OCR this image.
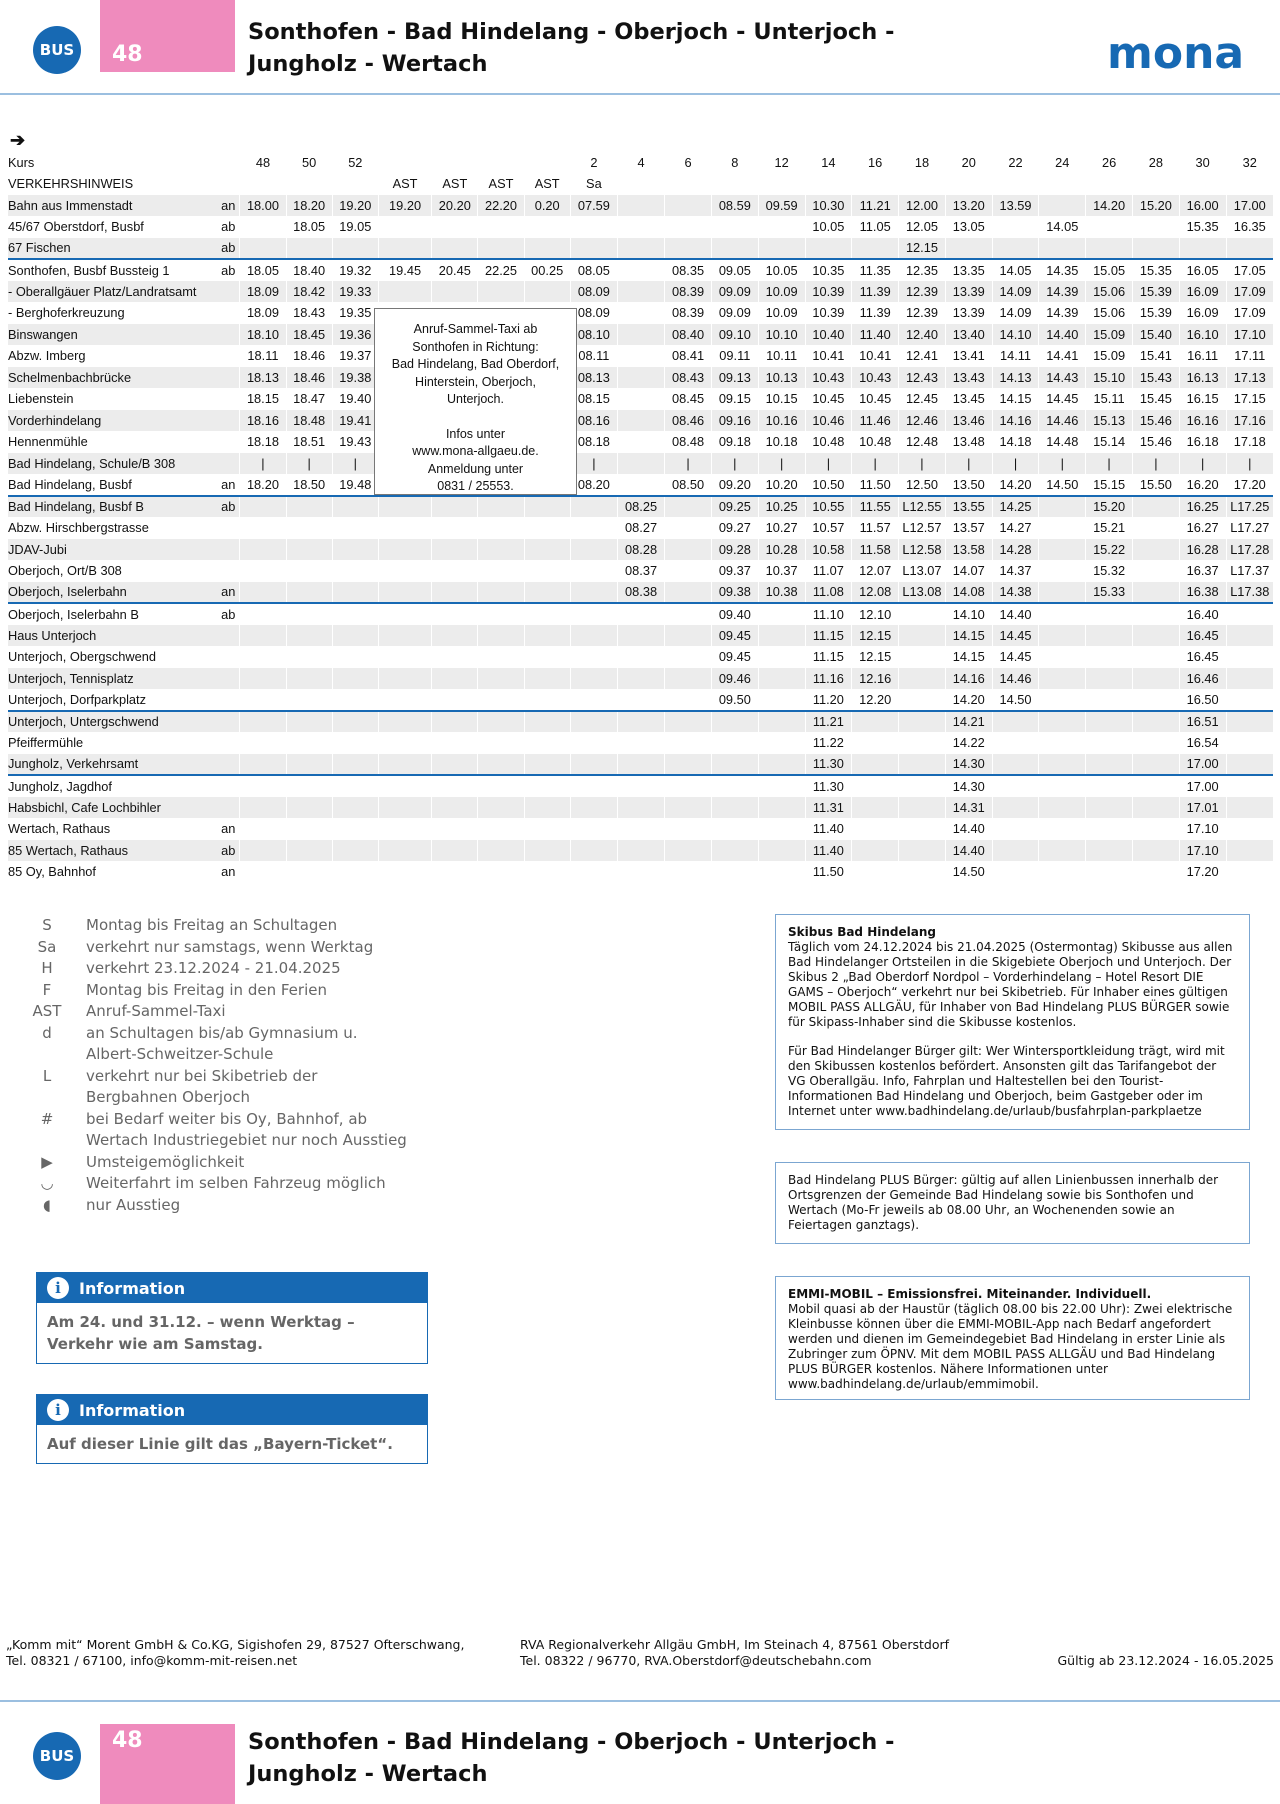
BUS	48
Sonthofen - Bad Hindelang - Oberjoch - Unterjoch -
Jungholz - Wertach	mona
➔		Montag - Freitag							Samstag, Sonn- und Feiertag														
Kurs		48	50	52					2	4	6	8	12	14	16	18	20	22	24	26	28	30	32
VERKEHRSHINWEIS					AST	AST	AST	AST	Sa														
Bahn aus Immenstadt	an	18.00	18.20	19.20	19.20	20.20	22.20	0.20	07.59			08.59	09.59	10.30	11.21	12.00	13.20	13.59		14.20	15.20	16.00	17.00
45/67 Oberstdorf, Busbf	ab		18.05	19.05										10.05	11.05	12.05	13.05		14.05			15.35	16.35
67 Fischen	ab															12.15							
Sonthofen, Busbf Bussteig 1	ab	18.05	18.40	19.32	19.45	20.45	22.25	00.25	08.05		08.35	09.05	10.05	10.35	11.35	12.35	13.35	14.05	14.35	15.05	15.35	16.05	17.05
- Oberallgäuer Platz/Landratsamt		18.09	18.42	19.33					08.09		08.39	09.09	10.09	10.39	11.39	12.39	13.39	14.09	14.39	15.06	15.39	16.09	17.09
- Berghoferkreuzung		18.09	18.43	19.35					08.09		08.39	09.09	10.09	10.39	11.39	12.39	13.39	14.09	14.39	15.06	15.39	16.09	17.09
Binswangen		18.10	18.45	19.36					08.10		08.40	09.10	10.10	10.40	11.40	12.40	13.40	14.10	14.40	15.09	15.40	16.10	17.10
Abzw. Imberg		18.11	18.46	19.37					08.11		08.41	09.11	10.11	10.41	10.41	12.41	13.41	14.11	14.41	15.09	15.41	16.11	17.11
Schelmenbachbrücke		18.13	18.46	19.38					08.13		08.43	09.13	10.13	10.43	10.43	12.43	13.43	14.13	14.43	15.10	15.43	16.13	17.13
Liebenstein		18.15	18.47	19.40					08.15		08.45	09.15	10.15	10.45	10.45	12.45	13.45	14.15	14.45	15.11	15.45	16.15	17.15
Vorderhindelang		18.16	18.48	19.41					08.16		08.46	09.16	10.16	10.46	11.46	12.46	13.46	14.16	14.46	15.13	15.46	16.16	17.16
Hennenmühle		18.18	18.51	19.43					08.18		08.48	09.18	10.18	10.48	10.48	12.48	13.48	14.18	14.48	15.14	15.46	16.18	17.18
Bad Hindelang, Schule/B 308		|	|	|					|		|	|	|	|	|	|	|	|	|	|	|	|	|
Bad Hindelang, Busbf	an	18.20	18.50	19.48					08.20		08.50	09.20	10.20	10.50	11.50	12.50	13.50	14.20	14.50	15.15	15.50	16.20	17.20
Bad Hindelang, Busbf B	ab									08.25		09.25	10.25	10.55	11.55	L12.55	13.55	14.25		15.20		16.25	L17.25
Abzw. Hirschbergstrasse										08.27		09.27	10.27	10.57	11.57	L12.57	13.57	14.27		15.21		16.27	L17.27
JDAV-Jubi										08.28		09.28	10.28	10.58	11.58	L12.58	13.58	14.28		15.22		16.28	L17.28
Oberjoch, Ort/B 308										08.37		09.37	10.37	11.07	12.07	L13.07	14.07	14.37		15.32		16.37	L17.37
Oberjoch, Iselerbahn	an									08.38		09.38	10.38	11.08	12.08	L13.08	14.08	14.38		15.33		16.38	L17.38
Oberjoch, Iselerbahn B	ab											09.40		11.10	12.10		14.10	14.40				16.40	
Haus Unterjoch												09.45		11.15	12.15		14.15	14.45				16.45	
Unterjoch, Obergschwend												09.45		11.15	12.15		14.15	14.45				16.45	
Unterjoch, Tennisplatz												09.46		11.16	12.16		14.16	14.46				16.46	
Unterjoch, Dorfparkplatz												09.50		11.20	12.20		14.20	14.50				16.50	
Unterjoch, Untergschwend														11.21			14.21					16.51	
Pfeiffermühle														11.22			14.22					16.54	
Jungholz, Verkehrsamt														11.30			14.30					17.00	
Jungholz, Jagdhof														11.30			14.30					17.00	
Habsbichl, Cafe Lochbihler														11.31			14.31					17.01	
Wertach, Rathaus	an													11.40			14.40					17.10	
85 Wertach, Rathaus	ab													11.40			14.40					17.10	
85 Oy, Bahnhof	an													11.50			14.50					17.20	
Anruf-Sammel-Taxi ab
Sonthofen in Richtung:
Bad Hindelang, Bad Oberdorf,
Hinterstein, Oberjoch,
Unterjoch.
Infos unter
www.mona-allgaeu.de.
Anmeldung unter
0831 / 25553.
S	Montag bis Freitag an Schultagen
Sa	verkehrt nur samstags, wenn Werktag
H	verkehrt 23.12.2024 - 21.04.2025
F	Montag bis Freitag in den Ferien
AST	Anruf-Sammel-Taxi
d	an Schultagen bis/ab Gymnasium u.
Albert-Schweitzer-Schule
L	verkehrt nur bei Skibetrieb der
Bergbahnen Oberjoch
#	bei Bedarf weiter bis Oy, Bahnhof, ab
Wertach Industriegebiet nur noch Ausstieg
▶	Umsteigemöglichkeit
◡	Weiterfahrt im selben Fahrzeug möglich
◖	nur Ausstieg
i	Information
Am 24. und 31.12. – wenn Werktag – Verkehr wie am Samstag.
i	Information
Auf dieser Linie gilt das „Bayern-Ticket“.
Skibus Bad Hindelang
Täglich vom 24.12.2024 bis 21.04.2025 (Ostermontag) Skibusse aus allen Bad Hindelanger Ortsteilen in die Skigebiete Oberjoch und Unterjoch. Der Skibus 2 „Bad Oberdorf Nordpol – Vorderhindelang – Hotel Resort DIE GAMS – Oberjoch“ verkehrt nur bei Skibetrieb. Für Inhaber eines gültigen MOBIL PASS ALLGÄU, für Inhaber von Bad Hindelang PLUS BÜRGER sowie für Skipass-Inhaber sind die Skibusse kostenlos.
Für Bad Hindelanger Bürger gilt: Wer Wintersportkleidung trägt, wird mit den Skibussen kostenlos befördert. Ansonsten gilt das Tarifangebot der VG Oberallgäu. Info, Fahrplan und Haltestellen bei den Tourist-Informationen Bad Hindelang und Oberjoch, beim Gastgeber oder im Internet unter www.badhindelang.de/urlaub/busfahrplan-parkplaetze
Bad Hindelang PLUS Bürger: gültig auf allen Linienbussen innerhalb der Ortsgrenzen der Gemeinde Bad Hindelang sowie bis Sonthofen und Wertach (Mo-Fr jeweils ab 08.00 Uhr, an Wochenenden sowie an Feiertagen ganztags).
EMMI-MOBIL – Emissionsfrei. Miteinander. Individuell.
Mobil quasi ab der Haustür (täglich 08.00 bis 22.00 Uhr): Zwei elektrische Kleinbusse können über die EMMI-MOBIL-App nach Bedarf angefordert werden und dienen im Gemeindegebiet Bad Hindelang in erster Linie als Zubringer zum ÖPNV. Mit dem MOBIL PASS ALLGÄU und Bad Hindelang PLUS BÜRGER kostenlos. Nähere Informationen unter www.badhindelang.de/urlaub/emmimobil.
„Komm mit“ Morent GmbH & Co.KG, Sigishofen 29, 87527 Ofterschwang,
Tel. 08321 / 67100, info@komm-mit-reisen.net
RVA Regionalverkehr Allgäu GmbH, Im Steinach 4, 87561 Oberstdorf
Tel. 08322 / 96770, RVA.Oberstdorf@deutschebahn.com	Gültig ab 23.12.2024 - 16.05.2025
BUS
48	Sonthofen - Bad Hindelang - Oberjoch - Unterjoch -
Jungholz - Wertach
